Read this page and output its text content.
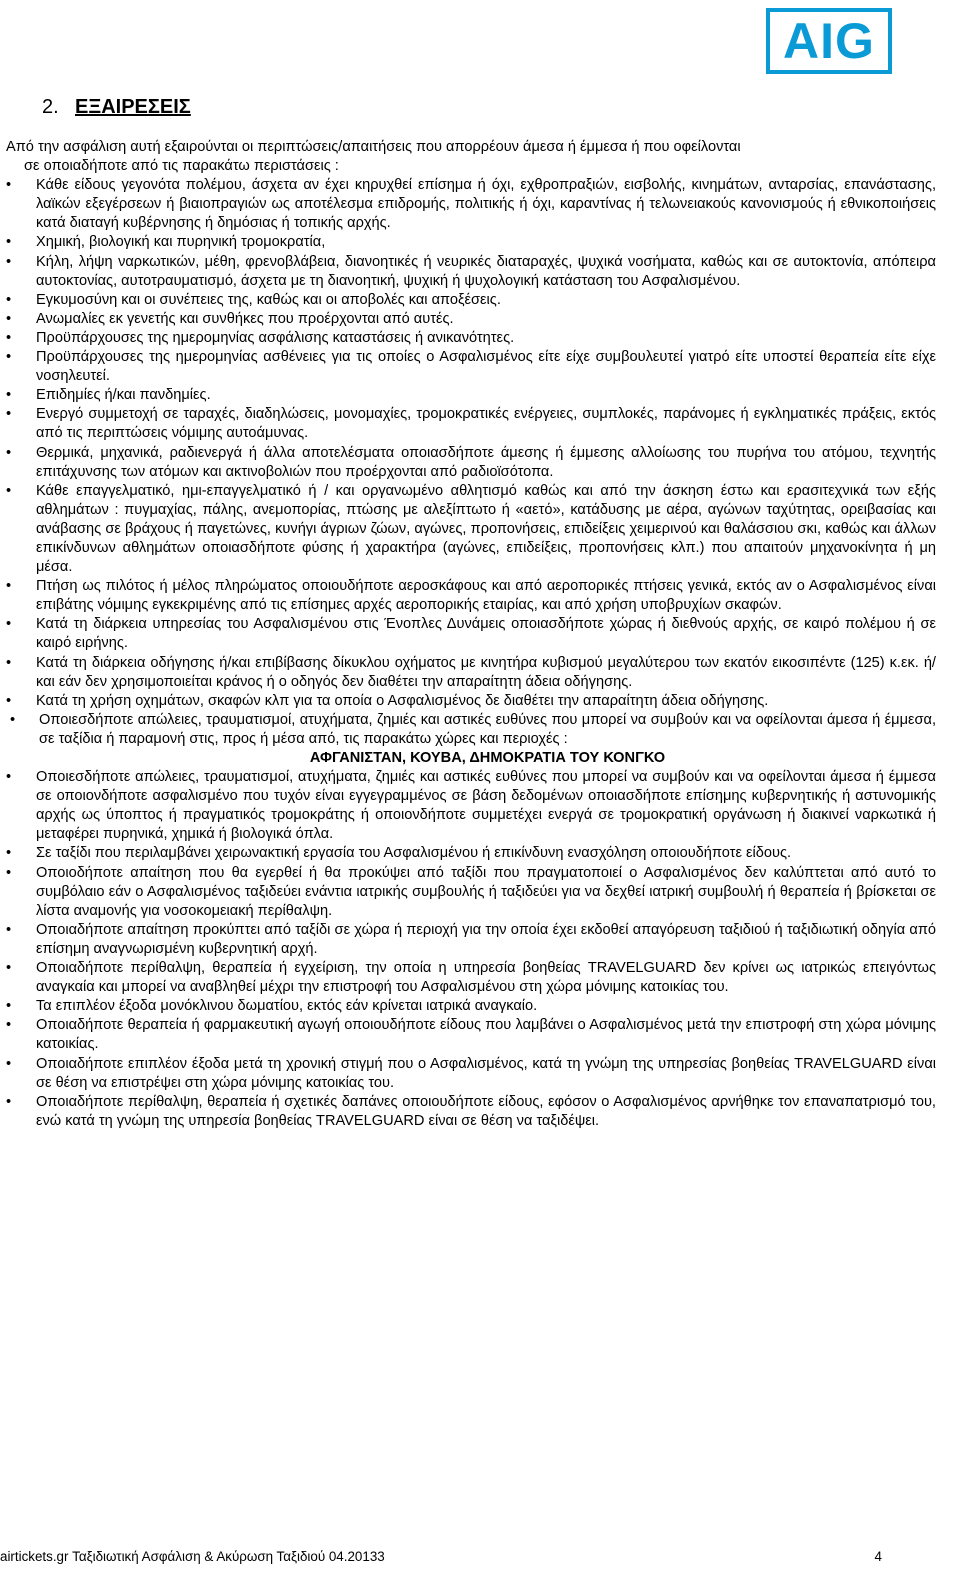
AIG
2. ΕΞΑΙΡΕΣΕΙΣ
Από την ασφάλιση αυτή εξαιρούνται οι περιπτώσεις/απαιτήσεις που απορρέουν άμεσα ή έμμεσα ή που οφείλονται
σε οποιαδήποτε από τις παρακάτω περιστάσεις :
• Κάθε είδους γεγονότα πολέμου, άσχετα αν έχει κηρυχθεί επίσημα ή όχι, εχθροπραξιών, εισβολής, κινημάτων, ανταρσίας, επανάστασης, λαϊκών εξεγέρσεων ή βιαιοπραγιών ως αποτέλεσμα επιδρομής, πολιτικής ή όχι, καραντίνας ή τελωνειακούς κανονισμούς ή εθνικοποιήσεις κατά διαταγή κυβέρνησης ή δημόσιας ή τοπικής αρχής.
• Χημική, βιολογική και πυρηνική τρομοκρατία,
• Κήλη, λήψη ναρκωτικών, μέθη, φρενοβλάβεια, διανοητικές ή νευρικές διαταραχές, ψυχικά νοσήματα, καθώς και σε αυτοκτονία, απόπειρα αυτοκτονίας, αυτοτραυματισμό, άσχετα με τη διανοητική, ψυχική ή ψυχολογική κατάσταση του Ασφαλισμένου.
• Εγκυμοσύνη και οι συνέπειες της, καθώς και οι αποβολές και αποξέσεις.
• Ανωμαλίες εκ γενετής και συνθήκες που προέρχονται από αυτές.
• Προϋπάρχουσες της ημερομηνίας ασφάλισης καταστάσεις ή ανικανότητες.
• Προϋπάρχουσες της ημερομηνίας ασθένειες για τις οποίες ο Ασφαλισμένος είτε είχε συμβουλευτεί γιατρό είτε υποστεί θεραπεία είτε είχε νοσηλευτεί.
• Επιδημίες ή/και πανδημίες.
• Ενεργό συμμετοχή σε ταραχές, διαδηλώσεις, μονομαχίες, τρομοκρατικές ενέργειες, συμπλοκές, παράνομες ή εγκληματικές πράξεις, εκτός από τις περιπτώσεις νόμιμης αυτοάμυνας.
• Θερμικά, μηχανικά, ραδιενεργά ή άλλα αποτελέσματα οποιασδήποτε άμεσης ή έμμεσης αλλοίωσης του πυρήνα του ατόμου, τεχνητής επιτάχυνσης των ατόμων και ακτινοβολιών που προέρχονται από ραδιοϊσότοπα.
• Κάθε επαγγελματικό, ημι-επαγγελματικό ή / και οργανωμένο αθλητισμό καθώς και από την άσκηση έστω και ερασιτεχνικά των εξής αθλημάτων : πυγμαχίας, πάλης, ανεμοπορίας, πτώσης με αλεξίπτωτο ή «αετό», κατάδυσης με αέρα, αγώνων ταχύτητας, ορειβασίας και ανάβασης σε βράχους ή παγετώνες, κυνήγι άγριων ζώων, αγώνες, προπονήσεις, επιδείξεις χειμερινού και θαλάσσιου σκι, καθώς και άλλων επικίνδυνων αθλημάτων οποιασδήποτε φύσης ή χαρακτήρα (αγώνες, επιδείξεις, προπονήσεις κλπ.) που απαιτούν μηχανοκίνητα ή μη μέσα.
• Πτήση ως πιλότος ή μέλος πληρώματος οποιουδήποτε αεροσκάφους και από αεροπορικές πτήσεις γενικά, εκτός αν ο Ασφαλισμένος είναι επιβάτης νόμιμης εγκεκριμένης από τις επίσημες αρχές αεροπορικής εταιρίας, και από χρήση υποβρυχίων σκαφών.
• Κατά τη διάρκεια υπηρεσίας του Ασφαλισμένου στις Ένοπλες Δυνάμεις οποιασδήποτε χώρας ή διεθνούς αρχής, σε καιρό πολέμου ή σε καιρό ειρήνης.
• Κατά τη διάρκεια οδήγησης ή/και επιβίβασης δίκυκλου οχήματος με κινητήρα κυβισμού μεγαλύτερου των εκατόν εικοσιπέντε (125) κ.εκ. ή/και εάν δεν χρησιμοποιείται κράνος ή ο οδηγός δεν διαθέτει την απαραίτητη άδεια οδήγησης.
• Κατά τη χρήση οχημάτων, σκαφών κλπ για τα οποία ο Ασφαλισμένος δε διαθέτει την απαραίτητη άδεια οδήγησης.
• Οποιεσδήποτε απώλειες, τραυματισμοί, ατυχήματα, ζημιές και αστικές ευθύνες που μπορεί να συμβούν και να οφείλονται άμεσα ή έμμεσα, σε ταξίδια ή παραμονή στις, προς ή μέσα από, τις παρακάτω χώρες και περιοχές :
ΑΦΓΑΝΙΣΤΑΝ, ΚΟΥΒΑ, ΔΗΜΟΚΡΑΤΙΑ ΤΟΥ ΚΟΝΓΚΟ
• Οποιεσδήποτε απώλειες, τραυματισμοί, ατυχήματα, ζημιές και αστικές ευθύνες που μπορεί να συμβούν και να οφείλονται άμεσα ή έμμεσα σε οποιονδήποτε ασφαλισμένο που τυχόν είναι εγγεγραμμένος σε βάση δεδομένων οποιασδήποτε επίσημης κυβερνητικής ή αστυνομικής αρχής ως ύποπτος ή πραγματικός τρομοκράτης ή οποιονδήποτε συμμετέχει ενεργά σε τρομοκρατική οργάνωση ή διακινεί ναρκωτικά ή μεταφέρει πυρηνικά, χημικά ή βιολογικά όπλα.
• Σε ταξίδι που περιλαμβάνει χειρωνακτική εργασία του Ασφαλισμένου ή επικίνδυνη ενασχόληση οποιουδήποτε είδους.
• Οποιοδήποτε απαίτηση που θα εγερθεί ή θα προκύψει από ταξίδι που πραγματοποιεί ο Ασφαλισμένος δεν καλύπτεται από αυτό το συμβόλαιο εάν ο Ασφαλισμένος ταξιδεύει ενάντια ιατρικής συμβουλής ή ταξιδεύει για να δεχθεί ιατρική συμβουλή ή θεραπεία ή βρίσκεται σε λίστα αναμονής για νοσοκομειακή περίθαλψη.
• Οποιαδήποτε απαίτηση προκύπτει από ταξίδι σε χώρα ή περιοχή για την οποία έχει εκδοθεί απαγόρευση ταξιδιού ή ταξιδιωτική οδηγία από επίσημη αναγνωρισμένη κυβερνητική αρχή.
• Οποιαδήποτε περίθαλψη, θεραπεία ή εγχείριση, την οποία η υπηρεσία βοηθείας TRAVELGUARD δεν κρίνει ως ιατρικώς επειγόντως αναγκαία και μπορεί να αναβληθεί μέχρι την επιστροφή του Ασφαλισμένου στη χώρα μόνιμης κατοικίας του.
• Τα επιπλέον έξοδα μονόκλινου δωματίου, εκτός εάν κρίνεται ιατρικά αναγκαίο.
• Οποιαδήποτε θεραπεία ή φαρμακευτική αγωγή οποιουδήποτε είδους που λαμβάνει ο Ασφαλισμένος μετά την επιστροφή στη χώρα μόνιμης κατοικίας.
• Οποιαδήποτε επιπλέον έξοδα μετά τη χρονική στιγμή που ο Ασφαλισμένος, κατά τη γνώμη της υπηρεσίας βοηθείας TRAVELGUARD είναι σε θέση να επιστρέψει στη χώρα μόνιμης κατοικίας του.
• Οποιαδήποτε περίθαλψη, θεραπεία ή σχετικές δαπάνες οποιουδήποτε είδους, εφόσον ο Ασφαλισμένος αρνήθηκε τον επαναπατρισμό του, ενώ κατά τη γνώμη της υπηρεσία βοηθείας TRAVELGUARD είναι σε θέση να ταξιδέψει.
airtickets.gr Ταξιδιωτική Ασφάλιση & Ακύρωση Ταξιδιού 04.20133	4
